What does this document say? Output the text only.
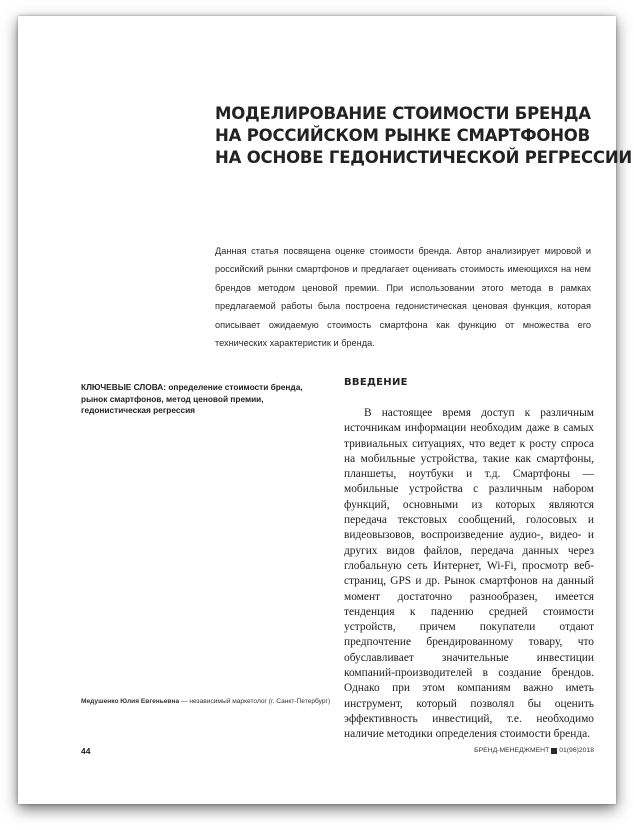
МОДЕЛИРОВАНИЕ СТОИМОСТИ БРЕНДА
НА РОССИЙСКОМ РЫНКЕ СМАРТФОНОВ
НА ОСНОВЕ ГЕДОНИСТИЧЕСКОЙ РЕГРЕССИИ

Данная статья посвящена оценке стоимости бренда. Автор анализирует мировой и российский рынки смартфонов и предлагает оценивать стоимость имеющихся на нем брендов методом ценовой премии. При использовании этого метода в рамках предлагаемой работы была построена гедонистическая ценовая функция, которая описывает ожидаемую стоимость смартфона как функцию от множества его технических характеристик и бренда.

КЛЮЧЕВЫЕ СЛОВА: определение стоимости бренда, рынок смартфонов, метод ценовой премии, гедонистическая регрессия

ВВЕДЕНИЕ

В настоящее время доступ к различным источникам информации необходим даже в самых тривиальных ситуациях, что ведет к росту спроса на мобильные устройства, такие как смартфоны, планшеты, ноутбуки и т.д. Смартфоны — мобильные устройства с различным набором функций, основными из которых являются передача текстовых сообщений, голосовых и видеовызовов, воспроизведение аудио-, видео- и других видов файлов, передача данных через глобальную сеть Интернет, Wi-Fi, просмотр веб-страниц, GPS и др. Рынок смартфонов на данный момент достаточно разнообразен, имеется тенденция к падению средней стоимости устройств, причем покупатели отдают предпочтение брендированному товару, что обуславливает значительные инвестиции компаний-производителей в создание брендов. Однако при этом компаниям важно иметь инструмент, который позволял бы оценить эффективность инвестиций, т.е. необходимо наличие методики определения стоимости бренда.

Медушенко Юлия Евгеньевна — независимый маркетолог (г. Санкт-Петербург)

44	БРЕНД-МЕНЕДЖМЕНТ 01(96)2018
